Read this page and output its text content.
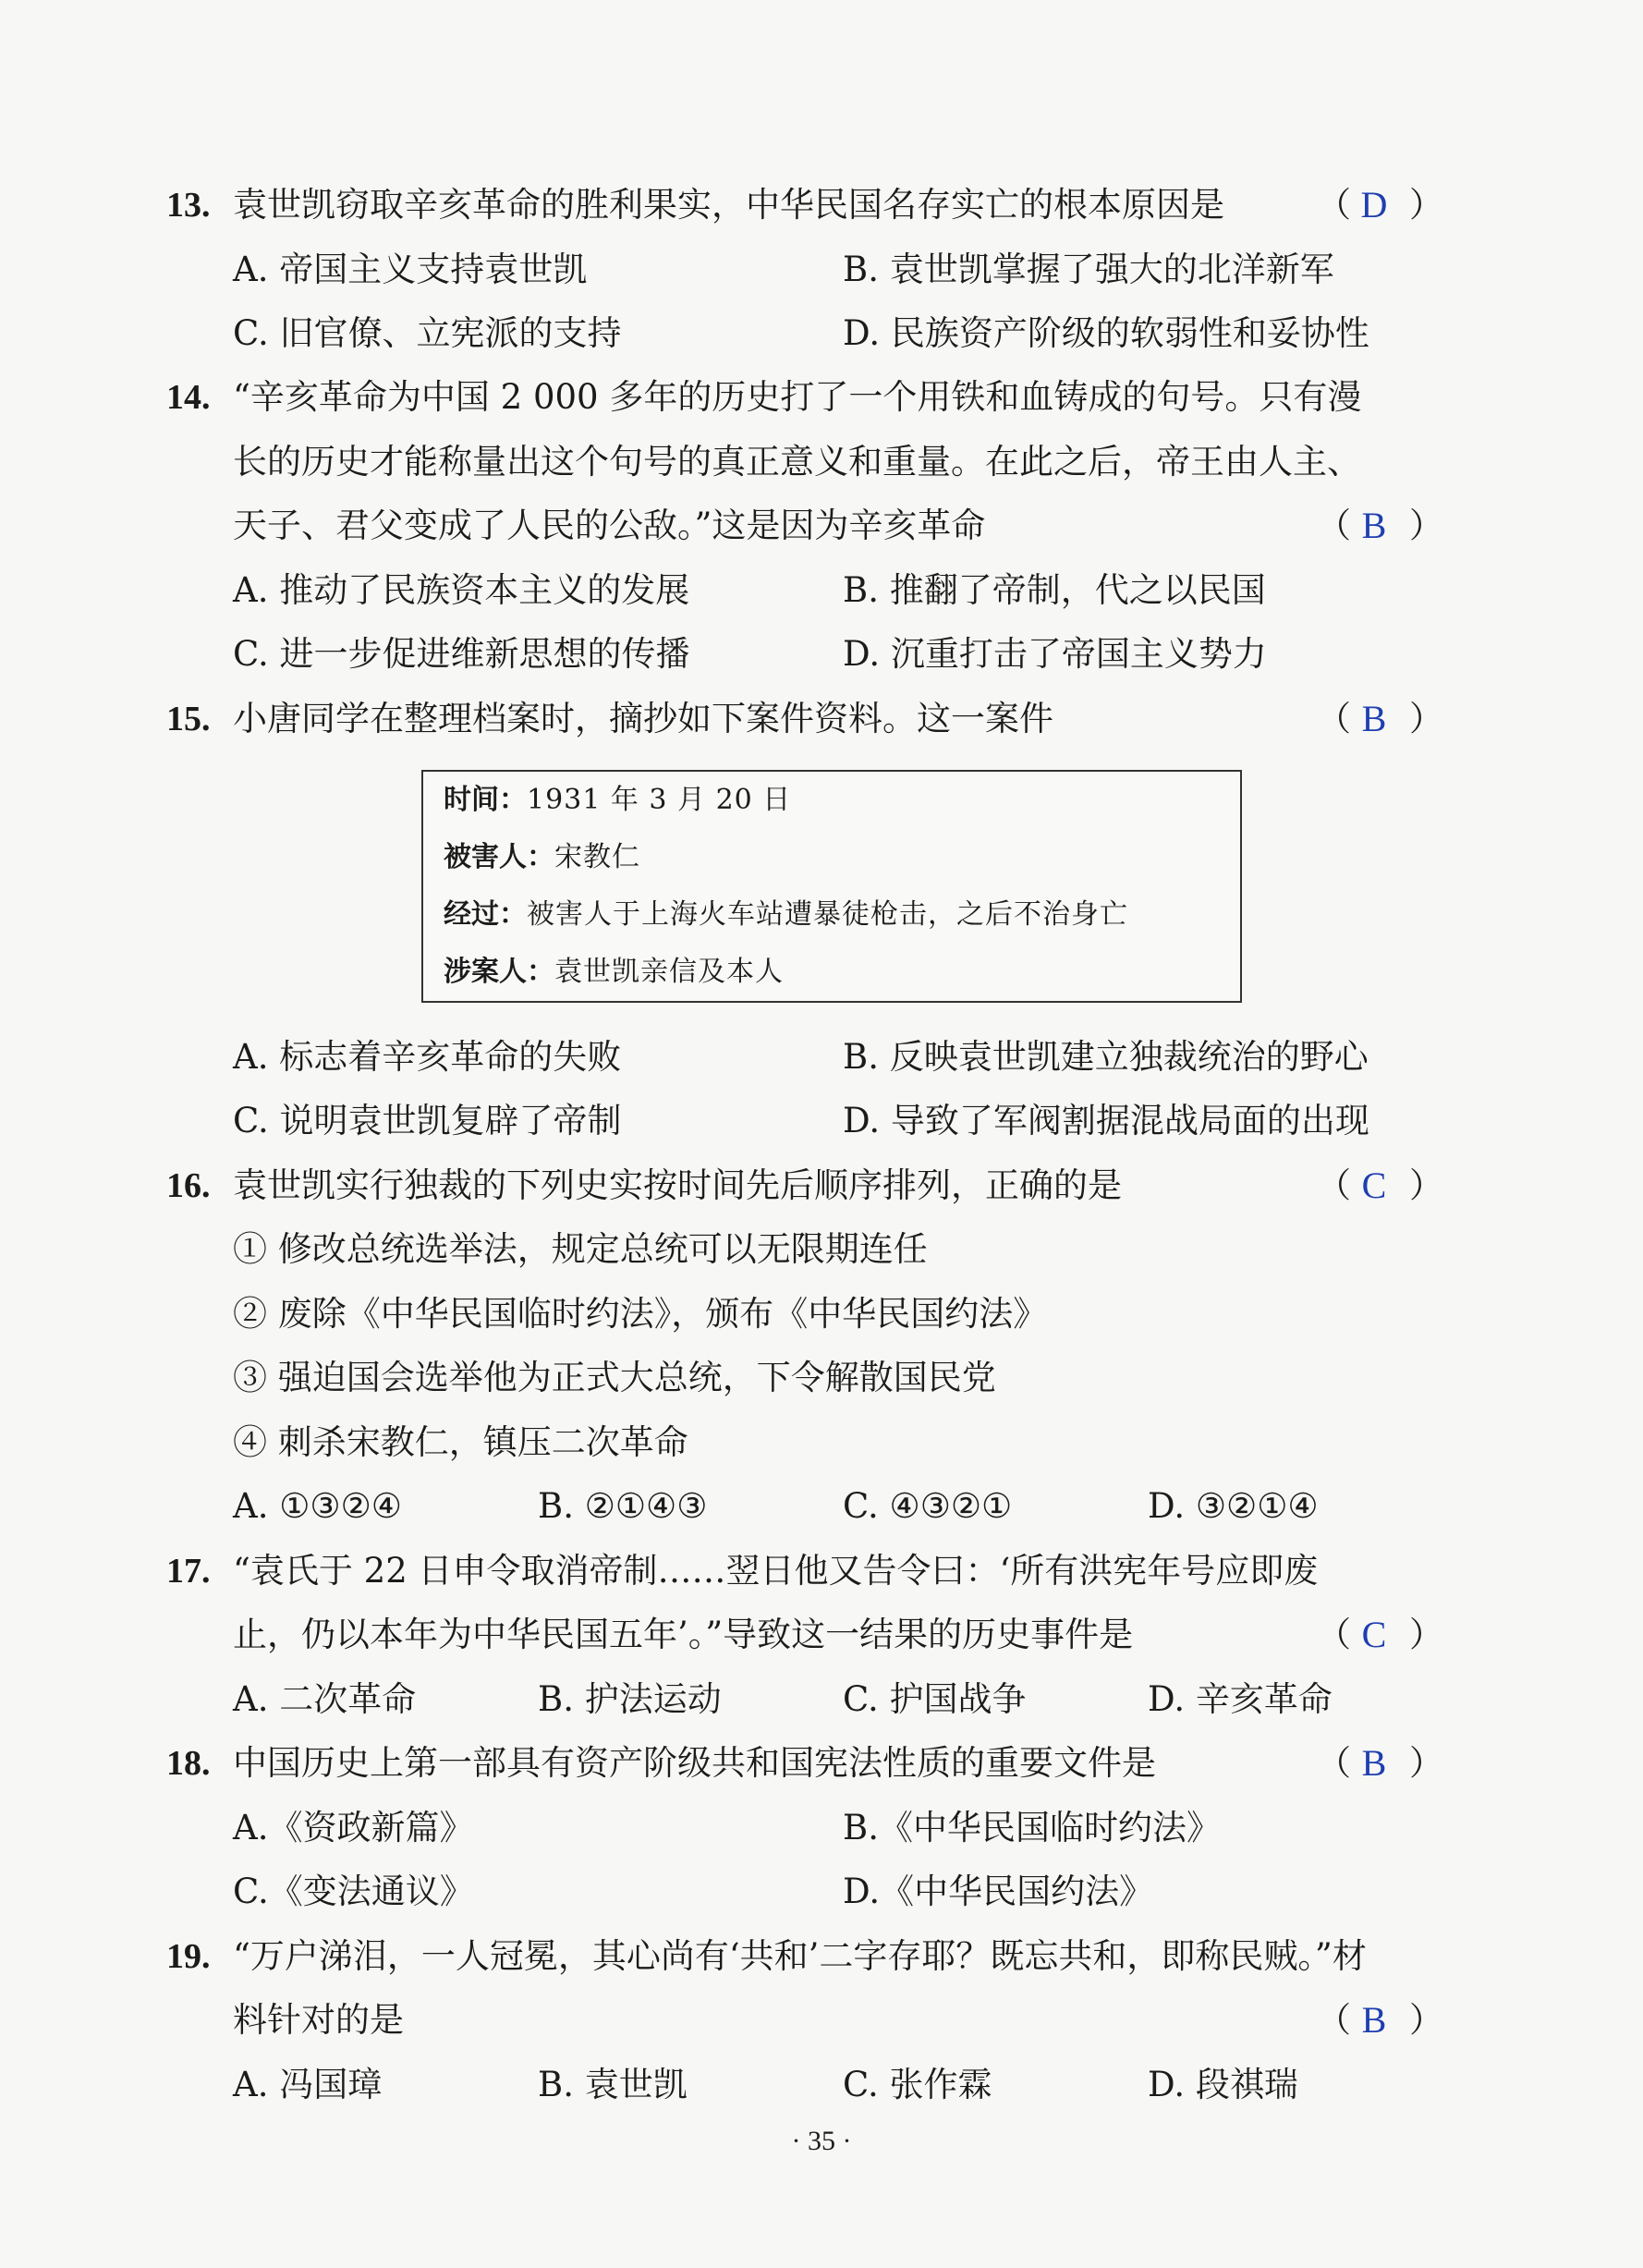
13. 袁世凯窃取辛亥革命的胜利果实，中华民国名存实亡的根本原因是	（ D ）
A. 帝国主义支持袁世凯	B. 袁世凯掌握了强大的北洋新军
C. 旧官僚、立宪派的支持	D. 民族资产阶级的软弱性和妥协性
14. “辛亥革命为中国 2 000 多年的历史打了一个用铁和血铸成的句号。只有漫
长的历史才能称量出这个句号的真正意义和重量。在此之后，帝王由人主、
天子、君父变成了人民的公敌。”这是因为辛亥革命	（ B ）
A. 推动了民族资本主义的发展	B. 推翻了帝制，代之以民国
C. 进一步促进维新思想的传播	D. 沉重打击了帝国主义势力
15. 小唐同学在整理档案时，摘抄如下案件资料。这一案件	（ B ）
时间：1931 年 3 月 20 日
被害人：宋教仁
经过：被害人于上海火车站遭暴徒枪击，之后不治身亡
涉案人：袁世凯亲信及本人
A. 标志着辛亥革命的失败	B. 反映袁世凯建立独裁统治的野心
C. 说明袁世凯复辟了帝制	D. 导致了军阀割据混战局面的出现
16. 袁世凯实行独裁的下列史实按时间先后顺序排列，正确的是	（ C ）
① 修改总统选举法，规定总统可以无限期连任
② 废除《中华民国临时约法》，颁布《中华民国约法》
③ 强迫国会选举他为正式大总统，下令解散国民党
④ 刺杀宋教仁，镇压二次革命
A. ①③②④	B. ②①④③	C. ④③②①	D. ③②①④
17. “袁氏于 22 日申令取消帝制……翌日他又告令曰：‘所有洪宪年号应即废
止，仍以本年为中华民国五年’。”导致这一结果的历史事件是	（ C ）
A. 二次革命	B. 护法运动	C. 护国战争	D. 辛亥革命
18. 中国历史上第一部具有资产阶级共和国宪法性质的重要文件是	（ B ）
A.《资政新篇》	B.《中华民国临时约法》
C.《变法通议》	D.《中华民国约法》
19. “万户涕泪，一人冠冕，其心尚有‘共和’二字存耶？既忘共和，即称民贼。”材
料针对的是	（ B ）
A. 冯国璋	B. 袁世凯	C. 张作霖	D. 段祺瑞
· 35 ·
